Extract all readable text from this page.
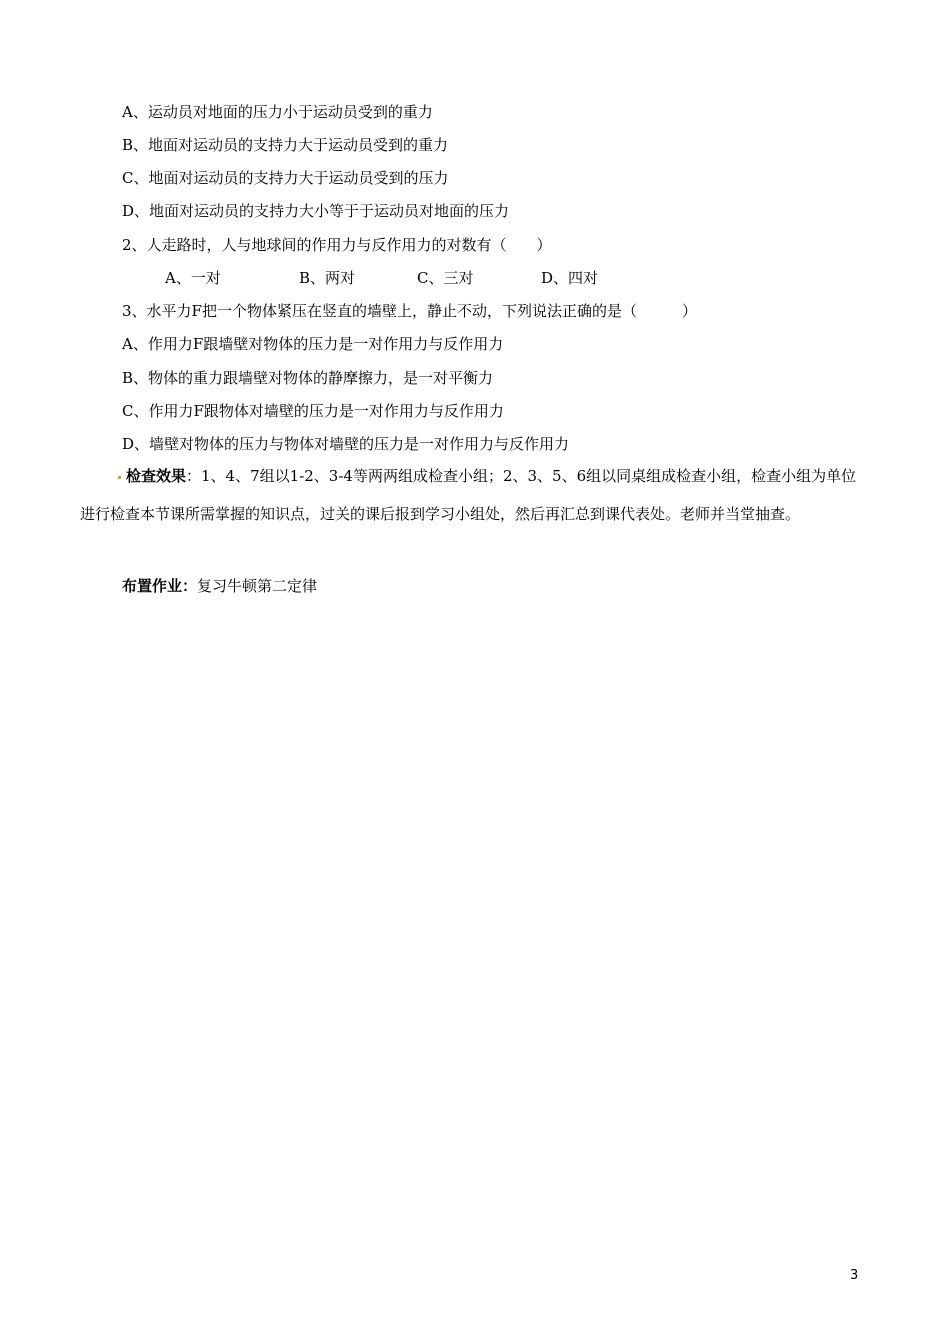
A、运动员对地面的压力小于运动员受到的重力
B、地面对运动员的支持力大于运动员受到的重力
C、地面对运动员的支持力大于运动员受到的压力
D、地面对运动员的支持力大小等于于运动员对地面的压力
2、人走路时，人与地球间的作用力与反作用力的对数有（　　）
A、一对	B、两对	C、三对	D、四对
3、水平力F把一个物体紧压在竖直的墙壁上，静止不动，下列说法正确的是（　　　）
A、作用力F跟墙壁对物体的压力是一对作用力与反作用力
B、物体的重力跟墙壁对物体的静摩擦力，是一对平衡力
C、作用力F跟物体对墙壁的压力是一对作用力与反作用力
D、墙壁对物体的压力与物体对墙壁的压力是一对作用力与反作用力

检查效果：1、4、7组以1-2、3-4等两两组成检查小组；2、3、5、6组以同桌组成检查小组，检查小组为单位进行检查本节课所需掌握的知识点，过关的课后报到学习小组处，然后再汇总到课代表处。老师并当堂抽查。

布置作业：复习牛顿第二定律
3
